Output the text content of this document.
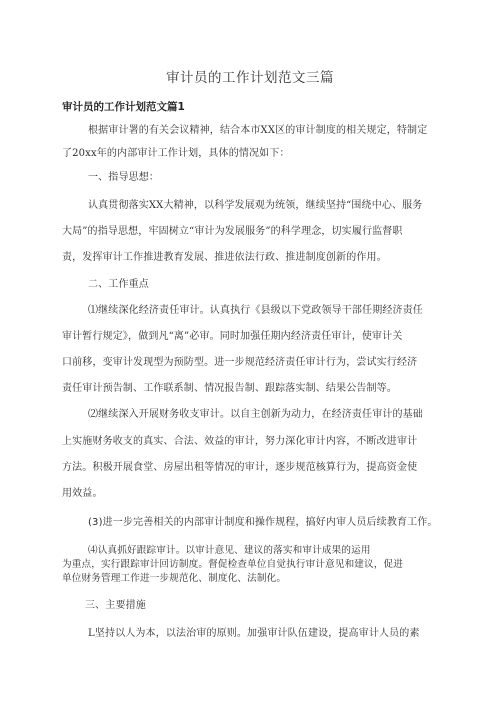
审计员的工作计划范文三篇
审计员的工作计划范文篇1
根据审计署的有关会议精神，结合本市XX区的审计制度的相关规定，特制定
了20xx年的内部审计工作计划，具体的情况如下：
一、指导思想：
认真贯彻落实XX大精神，以科学发展观为统领，继续坚持“围绕中心、服务
大局”的指导思想，牢固树立“审计为发展服务”的科学理念，切实履行监督职
责，发挥审计工作推进教育发展、推进依法行政、推进制度创新的作用。
二、工作重点
⑴继续深化经济责任审计。认真执行《县级以下党政领导干部任期经济责任
审计暂行规定》，做到凡“离”必审。同时加强任期内经济责任审计，使审计关
口前移，变审计发现型为预防型。进一步规范经济责任审计行为，尝试实行经济
责任审计预告制、工作联系制、情况报告制、跟踪落实制、结果公告制等。
⑵继续深入开展财务收支审计。以自主创新为动力，在经济责任审计的基础
上实施财务收支的真实、合法、效益的审计，努力深化审计内容，不断改进审计
方法。积极开展食堂、房屋出租等情况的审计，逐步规范核算行为，提高资金使
用效益。
(3)进一步完善相关的内部审计制度和操作规程，搞好内审人员后续教育工作。
⑷认真抓好跟踪审计。以审计意见、建议的落实和审计成果的运用
为重点，实行跟踪审计回访制度。督促检查单位自觉执行审计意见和建议，促进
单位财务管理工作进一步规范化、制度化、法制化。
三、主要措施
L坚持以人为本，以法治审的原则。加强审计队伍建设，提高审计人员的素
